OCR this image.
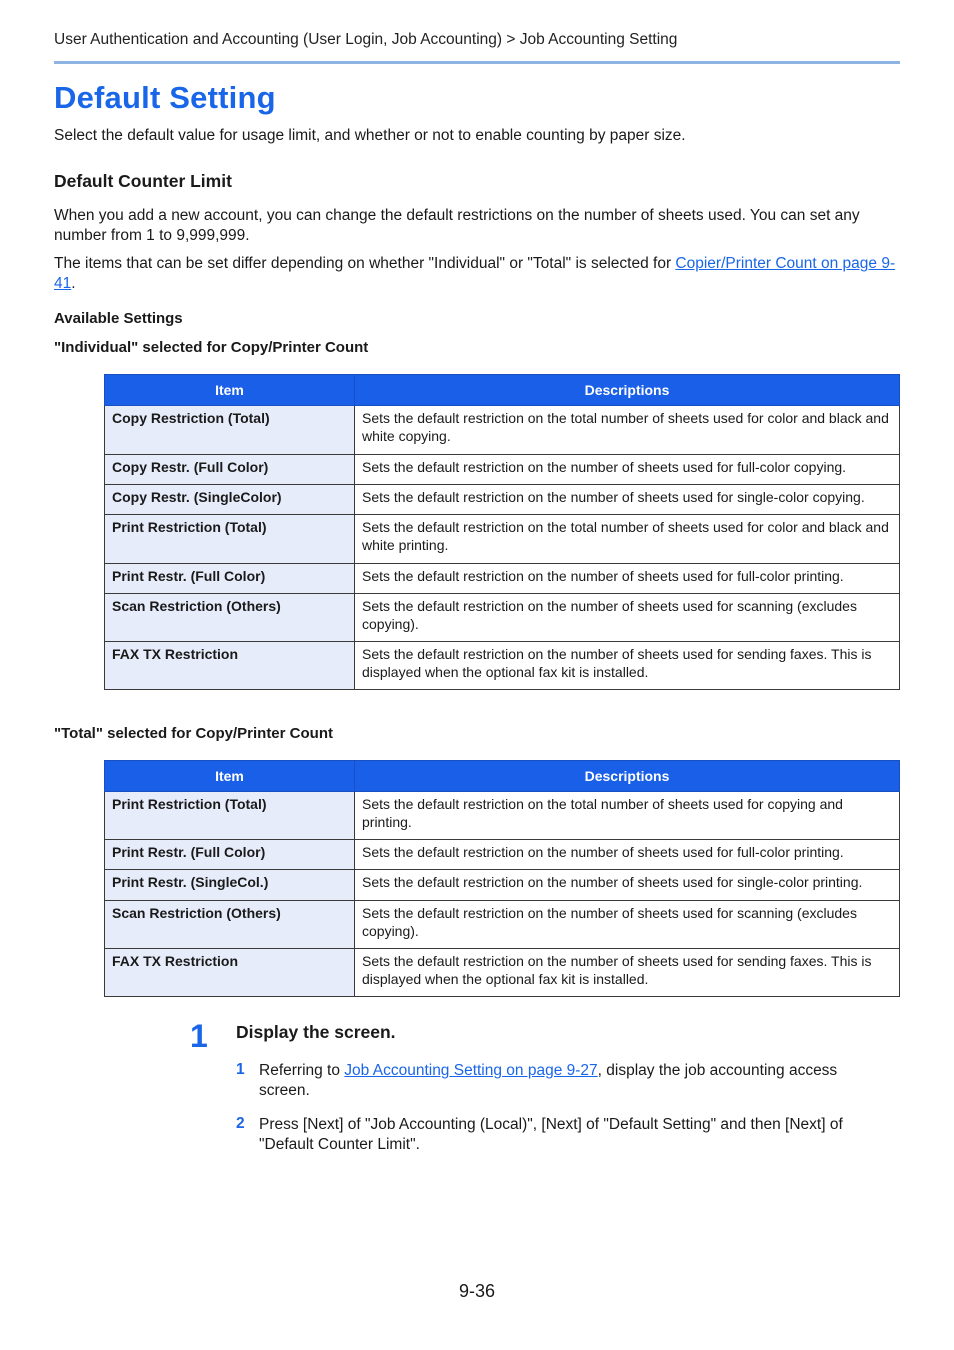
User Authentication and Accounting (User Login, Job Accounting) > Job Accounting Setting
Default Setting

Select the default value for usage limit, and whether or not to enable counting by paper size.

Default Counter Limit

When you add a new account, you can change the default restrictions on the number of sheets used. You can set any number from 1 to 9,999,999.

The items that can be set differ depending on whether "Individual" or "Total" is selected for Copier/Printer Count on page 9-41.

Available Settings

"Individual" selected for Copy/Printer Count

Item	Descriptions
Copy Restriction (Total)	Sets the default restriction on the total number of sheets used for color and black and white copying.
Copy Restr. (Full Color)	Sets the default restriction on the number of sheets used for full-color copying.
Copy Restr. (SingleColor)	Sets the default restriction on the number of sheets used for single-color copying.
Print Restriction (Total)	Sets the default restriction on the total number of sheets used for color and black and white printing.
Print Restr. (Full Color)	Sets the default restriction on the number of sheets used for full-color printing.
Scan Restriction (Others)	Sets the default restriction on the number of sheets used for scanning (excludes copying).
FAX TX Restriction	Sets the default restriction on the number of sheets used for sending faxes. This is displayed when the optional fax kit is installed.

"Total" selected for Copy/Printer Count

Item	Descriptions
Print Restriction (Total)	Sets the default restriction on the total number of sheets used for copying and printing.
Print Restr. (Full Color)	Sets the default restriction on the number of sheets used for full-color printing.
Print Restr. (SingleCol.)	Sets the default restriction on the number of sheets used for single-color printing.
Scan Restriction (Others)	Sets the default restriction on the number of sheets used for scanning (excludes copying).
FAX TX Restriction	Sets the default restriction on the number of sheets used for sending faxes. This is displayed when the optional fax kit is installed.
1 Display the screen.

1 Referring to Job Accounting Setting on page 9-27, display the job accounting access screen.

2 Press [Next] of "Job Accounting (Local)", [Next] of "Default Setting" and then [Next] of "Default Counter Limit".

9-36
